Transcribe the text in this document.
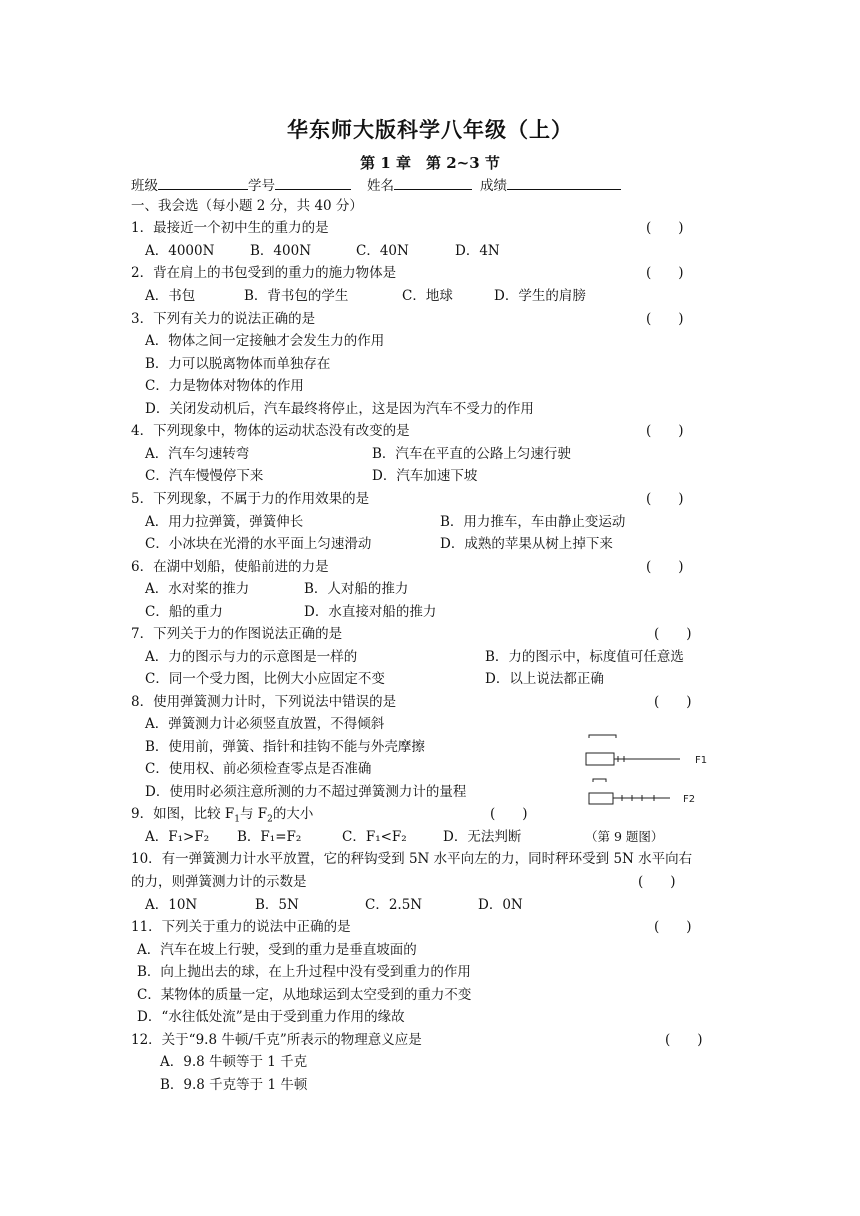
华东师大版科学八年级（上）
第 1 章　第 2~3 节
班级	学号	姓名	成绩
一、我会选（每小题 2 分，共 40 分）
1．最接近一个初中生的重力的是	(　　)
A．4000N	B．400N	C．40N	D．4N
2．背在肩上的书包受到的重力的施力物体是	(　　)
A．书包	B．背书包的学生	C．地球	D．学生的肩膀
3．下列有关力的说法正确的是	(　　)
A．物体之间一定接触才会发生力的作用
B．力可以脱离物体而单独存在
C．力是物体对物体的作用
D．关闭发动机后，汽车最终将停止，这是因为汽车不受力的作用
4．下列现象中，物体的运动状态没有改变的是	(　　)
A．汽车匀速转弯	B．汽车在平直的公路上匀速行驶
C．汽车慢慢停下来	D．汽车加速下坡
5．下列现象，不属于力的作用效果的是	(　　)
A．用力拉弹簧，弹簧伸长	B．用力推车，车由静止变运动
C．小冰块在光滑的水平面上匀速滑动	D．成熟的苹果从树上掉下来
6．在湖中划船，使船前进的力是	(　　)
A．水对桨的推力	B．人对船的推力
C．船的重力	D．水直接对船的推力
7．下列关于力的作图说法正确的是	(　　)
A．力的图示与力的示意图是一样的	B．力的图示中，标度值可任意选
C．同一个受力图，比例大小应固定不变	D．以上说法都正确
8．使用弹簧测力计时，下列说法中错误的是	(　　)
A．弹簧测力计必须竖直放置，不得倾斜
B．使用前，弹簧、指针和挂钩不能与外壳摩擦
C．使用权、前必须检查零点是否准确
D．使用时必须注意所测的力不超过弹簧测力计的量程
F1
F2
9．如图，比较 $F_1$与 $F_2$的大小	(　　)
A．F₁>F₂ B．F₁=F₂	C．F₁<F₂	D．无法判断	（第 9 题图）
10．有一弹簧测力计水平放置，它的秤钩受到 5N 水平向左的力，同时秤环受到 5N 水平向右
的力，则弹簧测力计的示数是	(　　)
A．10N	B．5N	C．2.5N	D．0N
11．下列关于重力的说法中正确的是	(　　)
A．汽车在坡上行驶，受到的重力是垂直坡面的
B．向上抛出去的球，在上升过程中没有受到重力的作用
C．某物体的质量一定，从地球运到太空受到的重力不变
D．“水往低处流”是由于受到重力作用的缘故
12．关于“9.8 牛顿/千克”所表示的物理意义应是	(　　)
A．9.8 牛顿等于 1 千克
B．9.8 千克等于 1 牛顿
